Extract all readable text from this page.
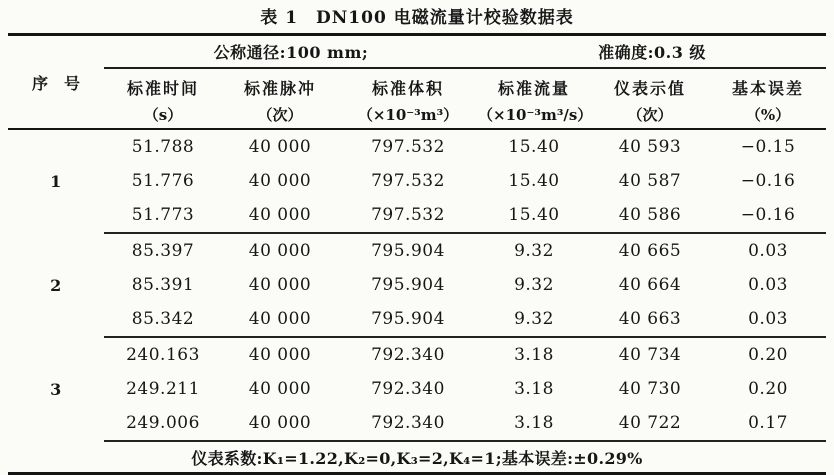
表 1　DN100 电磁流量计校验数据表
序　号	公称通径:100 mm;			准确度:0.3 级		
	标准时间	标准脉冲	标准体积	标准流量	仪表示值	基本误差
	（s）	（次）	（×10⁻³m³）	（×10⁻³m³/s）	（次）	（%）
1	51.788	40 000	797.532	15.40	40 593	−0.15
	51.776	40 000	797.532	15.40	40 587	−0.16
	51.773	40 000	797.532	15.40	40 586	−0.16
2	85.397	40 000	795.904	9.32	40 665	0.03
	85.391	40 000	795.904	9.32	40 664	0.03
	85.342	40 000	795.904	9.32	40 663	0.03
3	240.163	40 000	792.340	3.18	40 734	0.20
	249.211	40 000	792.340	3.18	40 730	0.20
	249.006	40 000	792.340	3.18	40 722	0.17
仪表系数:K₁=1.22,K₂=0,K₃=2,K₄=1;基本误差:±0.29%						
